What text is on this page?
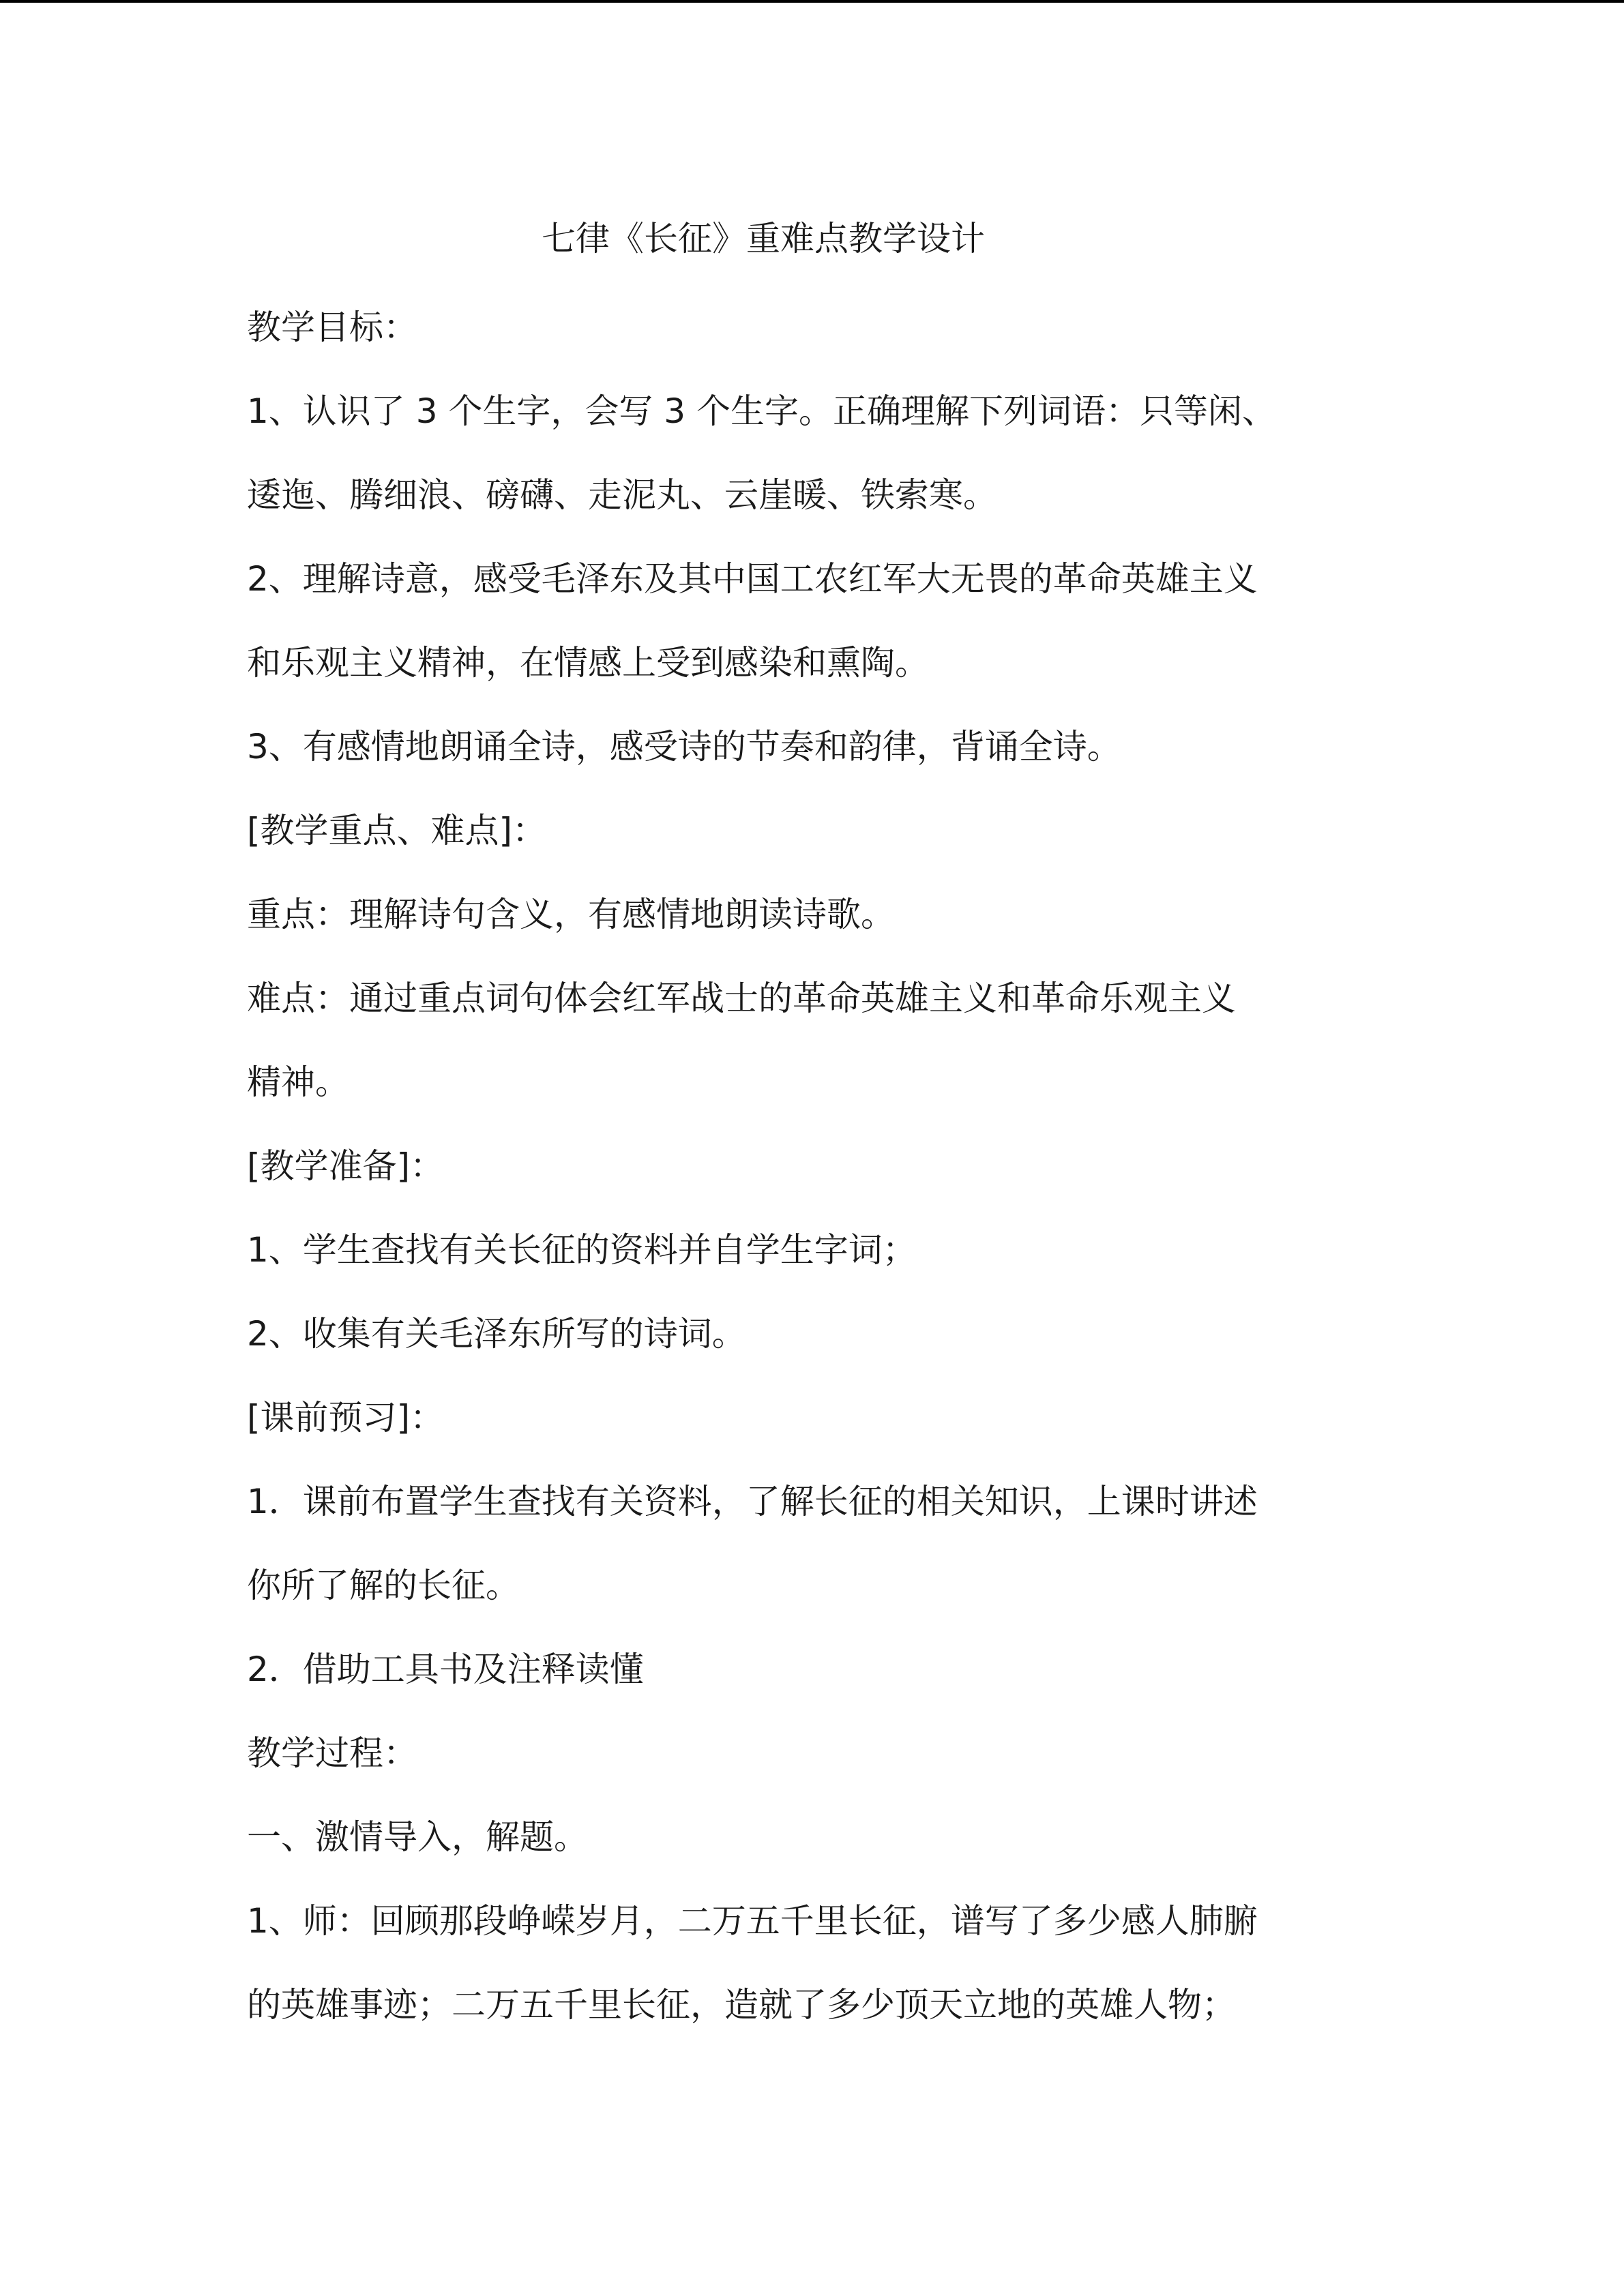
七律《长征》重难点教学设计
教学目标：
1、认识了 3 个生字，会写 3 个生字。正确理解下列词语：只等闲、
逶迤、腾细浪、磅礴、走泥丸、云崖暖、铁索寒。
2、理解诗意，感受毛泽东及其中国工农红军大无畏的革命英雄主义
和乐观主义精神，在情感上受到感染和熏陶。
3、有感情地朗诵全诗，感受诗的节奏和韵律，背诵全诗。
[教学重点、难点]：
重点：理解诗句含义，有感情地朗读诗歌。
难点：通过重点词句体会红军战士的革命英雄主义和革命乐观主义
精神。
[教学准备]：
1、学生查找有关长征的资料并自学生字词；
2、收集有关毛泽东所写的诗词。
[课前预习]：
1．课前布置学生查找有关资料，了解长征的相关知识，上课时讲述
你所了解的长征。
2．借助工具书及注释读懂
教学过程：
一、激情导入，解题。
1、师：回顾那段峥嵘岁月，二万五千里长征，谱写了多少感人肺腑
的英雄事迹；二万五千里长征，造就了多少顶天立地的英雄人物；
